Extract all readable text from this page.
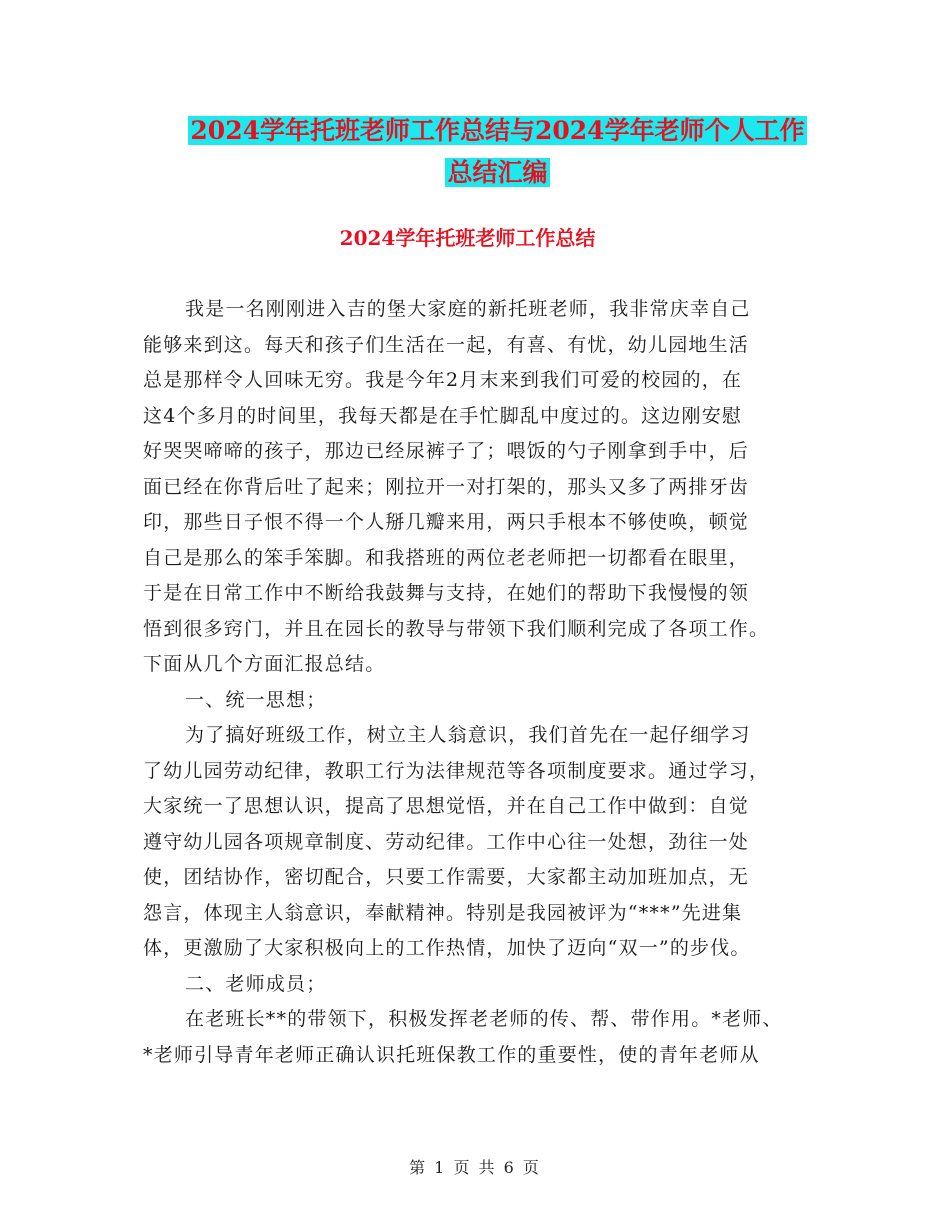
2024学年托班老师工作总结与2024学年老师个人工作
总结汇编
2024学年托班老师工作总结
我是一名刚刚进入吉的堡大家庭的新托班老师，我非常庆幸自己
能够来到这。每天和孩子们生活在一起，有喜、有忧，幼儿园地生活
总是那样令人回味无穷。我是今年2月末来到我们可爱的校园的，在
这4个多月的时间里，我每天都是在手忙脚乱中度过的。这边刚安慰
好哭哭啼啼的孩子，那边已经尿裤子了；喂饭的勺子刚拿到手中，后
面已经在你背后吐了起来；刚拉开一对打架的，那头又多了两排牙齿
印，那些日子恨不得一个人掰几瓣来用，两只手根本不够使唤，顿觉
自己是那么的笨手笨脚。和我搭班的两位老老师把一切都看在眼里，
于是在日常工作中不断给我鼓舞与支持，在她们的帮助下我慢慢的领
悟到很多窍门，并且在园长的教导与带领下我们顺利完成了各项工作。
下面从几个方面汇报总结。
一、统一思想；
为了搞好班级工作，树立主人翁意识，我们首先在一起仔细学习
了幼儿园劳动纪律，教职工行为法律规范等各项制度要求。通过学习，
大家统一了思想认识，提高了思想觉悟，并在自己工作中做到：自觉
遵守幼儿园各项规章制度、劳动纪律。工作中心往一处想，劲往一处
使，团结协作，密切配合，只要工作需要，大家都主动加班加点，无
怨言，体现主人翁意识，奉献精神。特别是我园被评为“***”先进集
体，更激励了大家积极向上的工作热情，加快了迈向“双一”的步伐。
二、老师成员；
在老班长**的带领下，积极发挥老老师的传、帮、带作用。*老师、
*老师引导青年老师正确认识托班保教工作的重要性，使的青年老师从
第 1 页 共 6 页
